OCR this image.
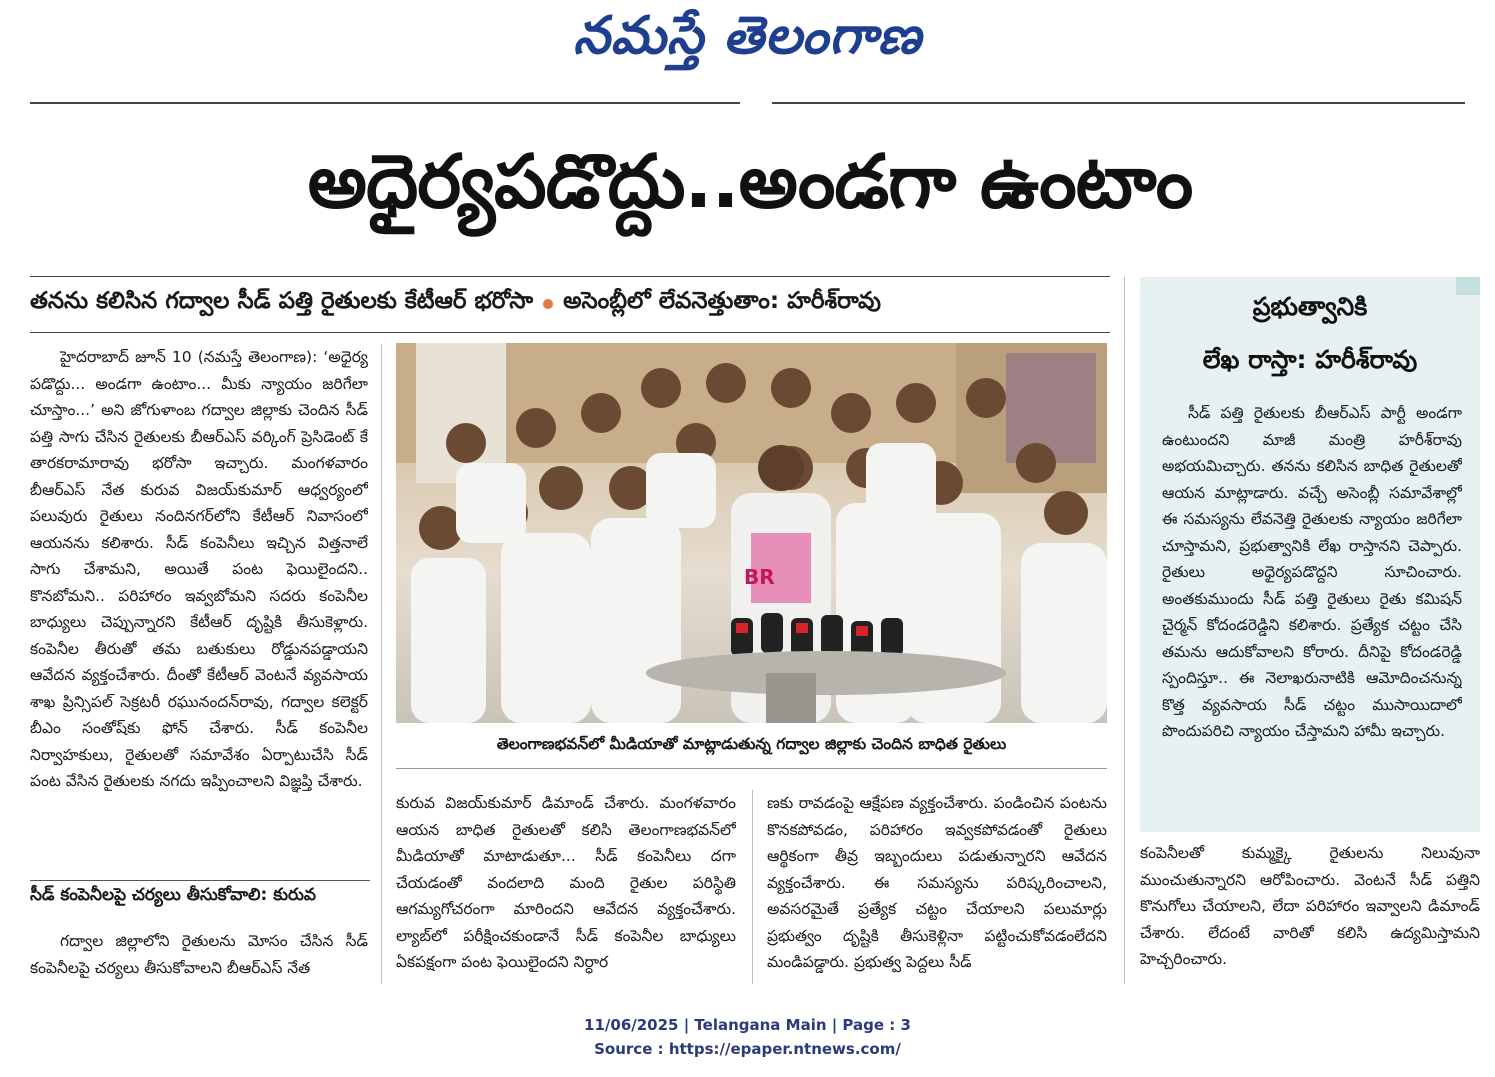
నమస్తే తెలంగాణ
అధైర్యపడొద్దు..అండగా ఉంటాం
తనను కలిసిన గద్వాల సీడ్ పత్తి రైతులకు కేటీఆర్ భరోసా అసెంబ్లీలో లేవనెత్తుతాం: హరీశ్‌రావు

హైదరాబాద్ జూన్ 10 (నమస్తే తెలంగాణ): ‘అధైర్య పడొద్దు... అండగా ఉంటాం... మీకు న్యాయం జరిగేలా చూస్తాం...’ అని జోగుళాంబ గద్వాల జిల్లాకు చెందిన సీడ్ పత్తి సాగు చేసిన రైతులకు బీఆర్ఎస్ వర్కింగ్ ప్రెసిడెంట్ కే తారకరామారావు భరోసా ఇచ్చారు. మంగళవారం బీఆర్ఎస్ నేత కురువ విజయ్‌కుమార్ ఆధ్వర్యంలో పలువురు రైతులు నందినగర్‌లోని కేటీఆర్ నివాసంలో ఆయనను కలిశారు. సీడ్ కంపెనీలు ఇచ్చిన విత్తనాలే సాగు చేశామని, అయితే పంట ఫెయిలైందని.. కొనబోమని.. పరిహారం ఇవ్వబోమని సదరు కంపెనీల బాధ్యులు చెప్పున్నారని కేటీఆర్ దృష్టికి తీసుకెళ్లారు. కంపెనీల తీరుతో తమ బతుకులు రోడ్డునపడ్డాయని ఆవేదన వ్యక్తంచేశారు. దీంతో కేటీఆర్ వెంటనే వ్యవసాయ శాఖ ప్రిన్సిపల్ సెక్రటరీ రఘునందన్‌రావు, గద్వాల కలెక్టర్ బీఎం సంతోష్‌కు ఫోన్ చేశారు. సీడ్ కంపెనీల నిర్వాహకులు, రైతులతో సమావేశం ఏర్పాటుచేసి సీడ్ పంట వేసిన రైతులకు నగదు ఇప్పించాలని విజ్ఞప్తి చేశారు.

సీడ్ కంపెనీలపై చర్యలు తీసుకోవాలి: కురువ

గద్వాల జిల్లాలోని రైతులను మోసం చేసిన సీడ్ కంపెనీలపై చర్యలు తీసుకోవాలని బీఆర్ఎస్ నేత

BR
తెలంగాణభవన్‌లో మీడియాతో మాట్లాడుతున్న గద్వాల జిల్లాకు చెందిన బాధిత రైతులు

కురువ విజయ్‌కుమార్ డిమాండ్ చేశారు. మంగళవారం ఆయన బాధిత రైతులతో కలిసి తెలంగాణభవన్‌లో మీడియాతో మాటాడుతూ... సీడ్ కంపెనీలు దగా చేయడంతో వందలాది మంది రైతుల పరిస్థితి ఆగమ్యగోచరంగా మారిందని ఆవేదన వ్యక్తంచేశారు. ల్యాబ్‌లో పరీక్షించకుండానే సీడ్ కంపెనీల బాధ్యులు ఏకపక్షంగా పంట ఫెయిలైందని నిర్ధార

ణకు రావడంపై ఆక్షేపణ వ్యక్తంచేశారు. పండించిన పంటను కొనకపోవడం, పరిహారం ఇవ్వకపోవడంతో రైతులు ఆర్థికంగా తీవ్ర ఇబ్బందులు పడుతున్నారని ఆవేదన వ్యక్తంచేశారు. ఈ సమస్యను పరిష్కరించాలని, అవసరమైతే ప్రత్యేక చట్టం చేయాలని పలుమార్లు ప్రభుత్వం దృష్టికి తీసుకెళ్లినా పట్టించుకోవడంలేదని మండిపడ్డారు. ప్రభుత్వ పెద్దలు సీడ్

ప్రభుత్వానికి
లేఖ రాస్తా: హరీశ్‌రావు

సీడ్ పత్తి రైతులకు బీఆర్ఎస్ పార్టీ అండగా ఉంటుందని మాజీ మంత్రి హరీశ్‌రావు అభయమిచ్చారు. తనను కలిసిన బాధిత రైతులతో ఆయన మాట్లాడారు. వచ్చే అసెంబ్లీ సమావేశాల్లో ఈ సమస్యను లేవనెత్తి రైతులకు న్యాయం జరిగేలా చూస్తామని, ప్రభుత్వానికి లేఖ రాస్తానని చెప్పారు. రైతులు అధైర్యపడొద్దని సూచించారు. అంతకుముందు సీడ్ పత్తి రైతులు రైతు కమిషన్ చైర్మన్ కోదండరెడ్డిని కలిశారు. ప్రత్యేక చట్టం చేసి తమను ఆదుకోవాలని కోరారు. దీనిపై కోదండరెడ్డి స్పందిస్తూ.. ఈ నెలాఖరునాటికి ఆమోదించనున్న కొత్త వ్యవసాయ సీడ్ చట్టం ముసాయిదాలో పొందుపరిచి న్యాయం చేస్తామని హామీ ఇచ్చారు.

కంపెనీలతో కుమ్మక్కై రైతులను నిలువునా ముంచుతున్నారని ఆరోపించారు. వెంటనే సీడ్ పత్తిని కొనుగోలు చేయాలని, లేదా పరిహారం ఇవ్వాలని డిమాండ్ చేశారు. లేదంటే వారితో కలిసి ఉద్యమిస్తామని హెచ్చరించారు.

11/06/2025 | Telangana Main | Page : 3
Source : https://epaper.ntnews.com/
